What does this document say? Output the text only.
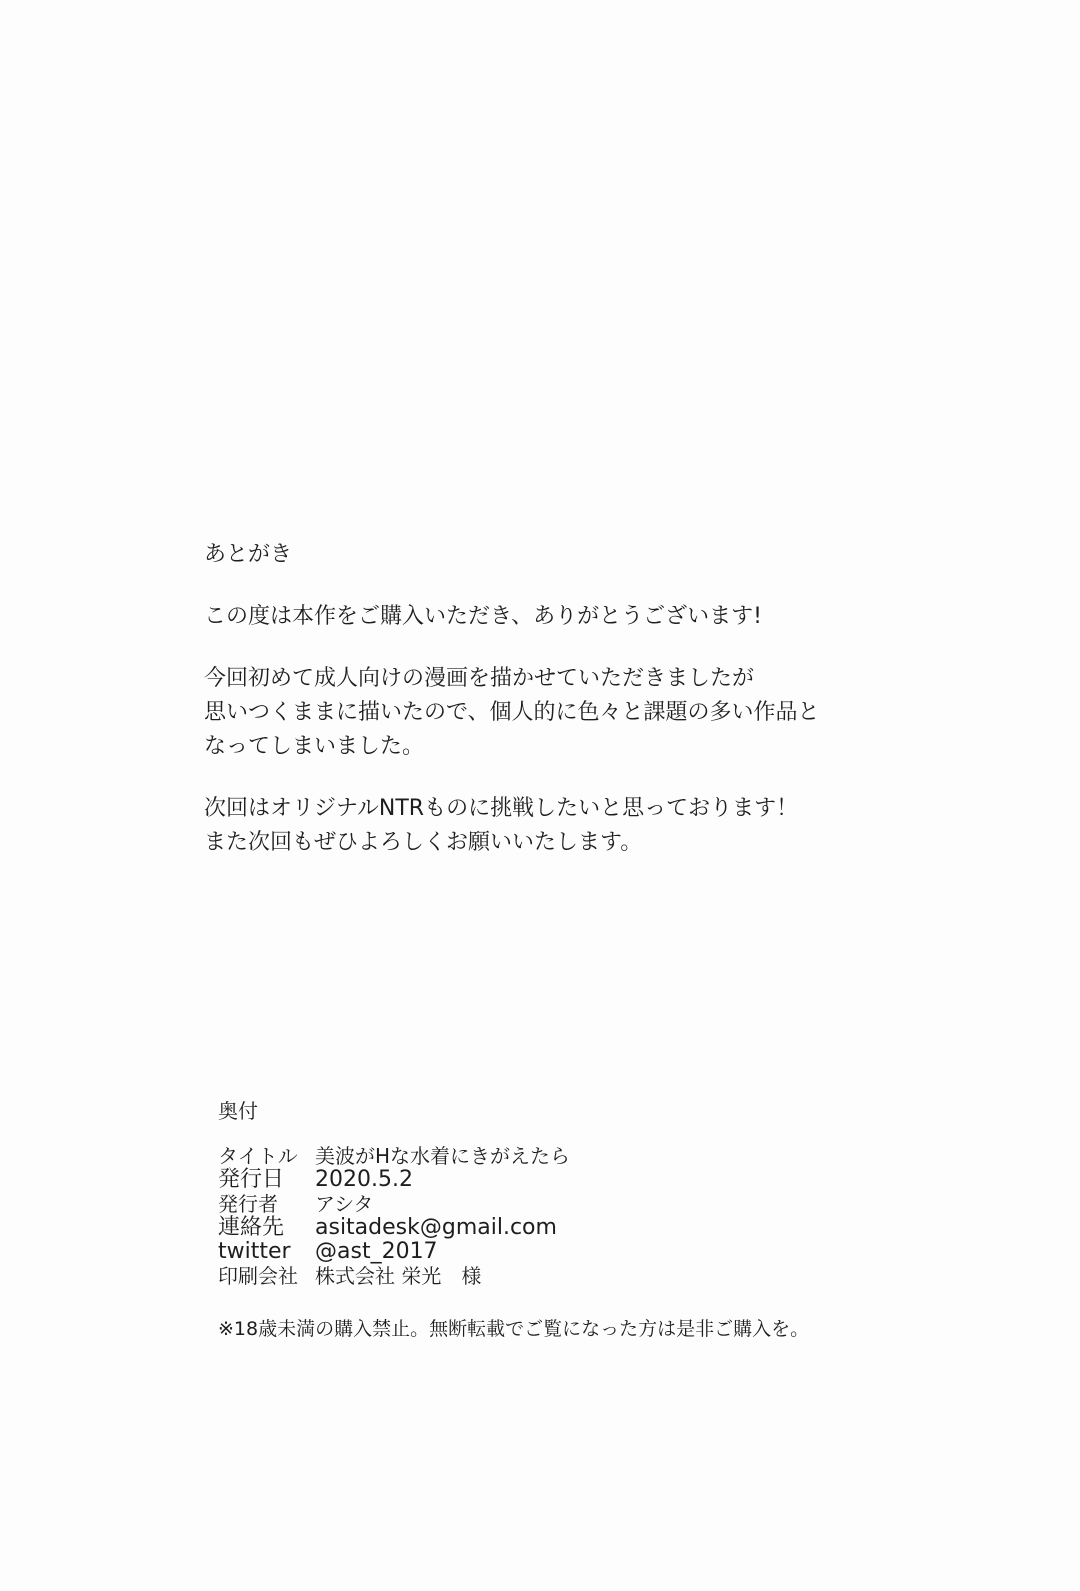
あとがき

この度は本作をご購入いただき、ありがとうございます!

今回初めて成人向けの漫画を描かせていただきましたが

思いつくままに描いたので、個人的に色々と課題の多い作品と

なってしまいました。

次回はオリジナルNTRものに挑戦したいと思っております！

また次回もぜひよろしくお願いいたします。

奥付

タイトル	美波がHな水着にきがえたら
発行日	2020.5.2
発行者	アシタ
連絡先	asitadesk@gmail.com
twitter	@ast_2017
印刷会社	株式会社 栄光　様

※18歳未満の購入禁止。無断転載でご覧になった方は是非ご購入を。
